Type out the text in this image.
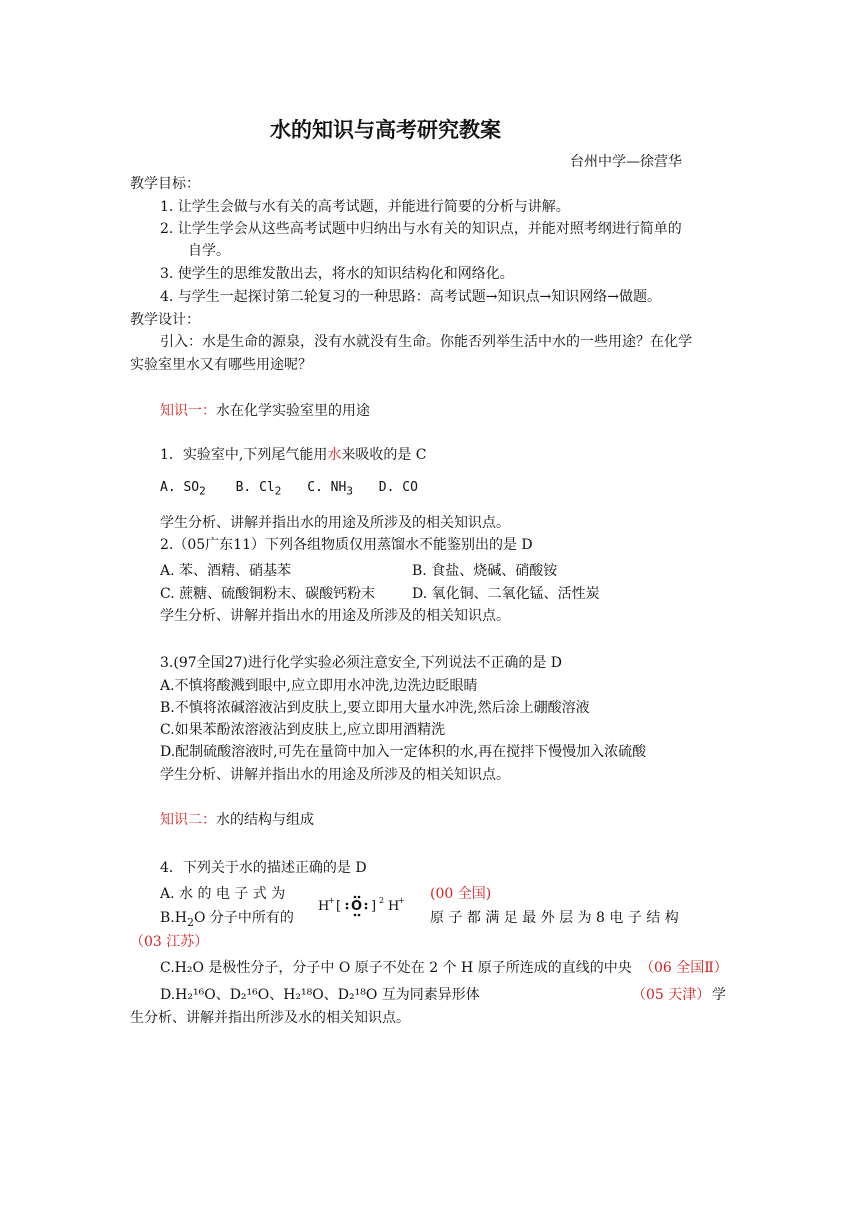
水的知识与高考研究教案
台州中学—徐营华
教学目标：
1. 让学生会做与水有关的高考试题，并能进行简要的分析与讲解。
2. 让学生学会从这些高考试题中归纳出与水有关的知识点，并能对照考纲进行简单的
自学。
3. 使学生的思维发散出去，将水的知识结构化和网络化。
4. 与学生一起探讨第二轮复习的一种思路：高考试题→知识点→知识网络→做题。
教学设计：
引入：水是生命的源泉，没有水就没有生命。你能否列举生活中水的一些用途？在化学
实验室里水又有哪些用途呢？
知识一：水在化学实验室里的用途
1．实验室中,下列尾气能用水来吸收的是 C
A. $SO_2$ B. $Cl_2$ C. $NH_3$ D. CO
学生分析、讲解并指出水的用途及所涉及的相关知识点。
2.（05广东11）下列各组物质仅用蒸馏水不能鉴别出的是 D
A. 苯、酒精、硝基苯	B. 食盐、烧碱、硝酸铵
C. 蔗糖、硫酸铜粉末、碳酸钙粉末	D. 氧化铜、二氧化锰、活性炭
学生分析、讲解并指出水的用途及所涉及的相关知识点。
3.(97全国27)进行化学实验必须注意安全,下列说法不正确的是 D
A.不慎将酸溅到眼中,应立即用水冲洗,边洗边眨眼睛
B.不慎将浓碱溶液沾到皮肤上,要立即用大量水冲洗,然后涂上硼酸溶液
C.如果苯酚浓溶液沾到皮肤上,应立即用酒精洗
D.配制硫酸溶液时,可先在量筒中加入一定体积的水,再在搅拌下慢慢加入浓硫酸
学生分析、讲解并指出水的用途及所涉及的相关知识点。
知识二：水的结构与组成
4．下列关于水的描述正确的是 D
A. 水 的 电 子 式 为
H
+ [ O ] 2 H
+ (00 全国)
$B.H_2O$ 分子中所有的	原 子 都 满 足 最 外 层 为 8 电 子 结 构
（03 江苏）
C.H₂O 是极性分子，分子中 O 原子不处在 2 个 H 原子所连成的直线的中央 （06 全国Ⅱ）
D.H₂¹⁶O、D₂¹⁶O、H₂¹⁸O、D₂¹⁸O 互为同素异形体	（05 天津） 学
生分析、讲解并指出所涉及水的相关知识点。
